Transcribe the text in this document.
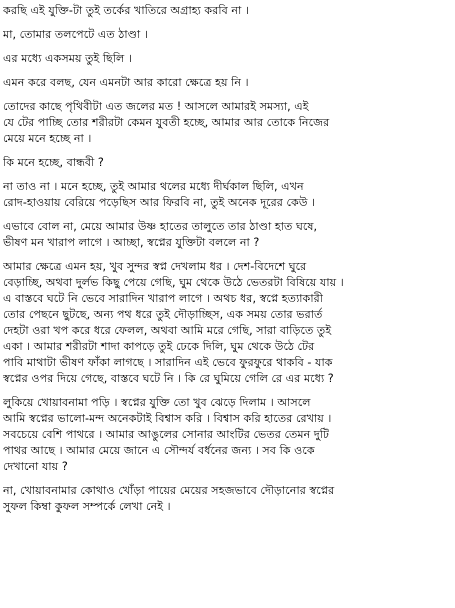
করছি এই যুক্তি-টা তুই তর্কের খাতিরে অগ্রাহ্য করবি না ।
মা, তোমার তলপেটে এত ঠাণ্ডা ।
এর মধ্যে একসময় তুই ছিলি ।
এমন করে বলছ, যেন এমনটা আর কারো ক্ষেত্রে হয় নি ।
তোদের কাছে পৃথিবীটা এত জলের মত ! আসলে আমারই সমস্যা, এই
যে টের পাচ্ছি তোর শরীরটা কেমন যুবতী হচ্ছে, আমার আর তোকে নিজের
মেয়ে মনে হচ্ছে না ।
কি মনে হচ্ছে, বান্ধবী ?
না তাও না । মনে হচ্ছে, তুই আমার থলের মধ্যে দীর্ঘকাল ছিলি, এখন
রোদ-হাওয়ায় বেরিয়ে পড়েছিস আর ফিরবি না, তুই অনেক দূরের কেউ ।
এভাবে বোল না, মেয়ে আমার উষ্ণ হাতের তালুতে তার ঠাণ্ডা হাত ঘষে,
ভীষণ মন খারাপ লাগে । আচ্ছা, স্বপ্নের যুক্তিটা বললে না ?
আমার ক্ষেত্রে এমন হয়, খুব সুন্দর স্বপ্ন দেখলাম ধর । দেশ-বিদেশে ঘুরে
বেড়াচ্ছি, অথবা দুর্লভ কিছু পেয়ে গেছি, ঘুম থেকে উঠে ভেতরটা বিষিয়ে যায় ।
এ বাস্তবে ঘটে নি ভেবে সারাদিন খারাপ লাগে । অথচ ধর, স্বপ্নে হত্যাকারী
তোর পেছনে ছুটছে, অন্য পথ ধরে তুই দৌড়াচ্ছিস, এক সময় তোর ভরার্ত
দেহটা ওরা খপ করে ধরে ফেলল, অথবা আমি মরে গেছি, সারা বাড়িতে তুই
একা । আমার শরীরটা শাদা কাপড়ে তুই ঢেকে দিলি, ঘুম থেকে উঠে টের
পাবি মাথাটা ভীষণ ফাঁকা লাগছে । সারাদিন এই ভেবে ফুরফুরে থাকবি - যাক
স্বপ্নের ওপর দিয়ে গেছে, বাস্তবে ঘটে নি । কি রে ঘুমিয়ে গেলি রে এর মধ্যে ?
লুকিয়ে খোয়াবনামা পড়ি । স্বপ্নের যুক্তি তো খুব ঝেড়ে দিলাম । আসলে
আমি স্বপ্নের ভালো-মন্দ অনেকটাই বিশ্বাস করি । বিশ্বাস করি হাতের রেখায় ।
সবচেয়ে বেশি পাথরে । আমার আঙুলের সোনার আংটির ভেতর তেমন দুটি
পাথর আছে । আমার মেয়ে জানে এ সৌন্দর্য বর্ধনের জন্য । সব কি ওকে
দেখানো যায় ?
না, খোয়াবনামার কোথাও খোঁড়া পায়ের মেয়ের সহজভাবে দৌড়ানোর স্বপ্নের
সুফল কিম্বা কুফল সম্পর্কে লেখা নেই ।
